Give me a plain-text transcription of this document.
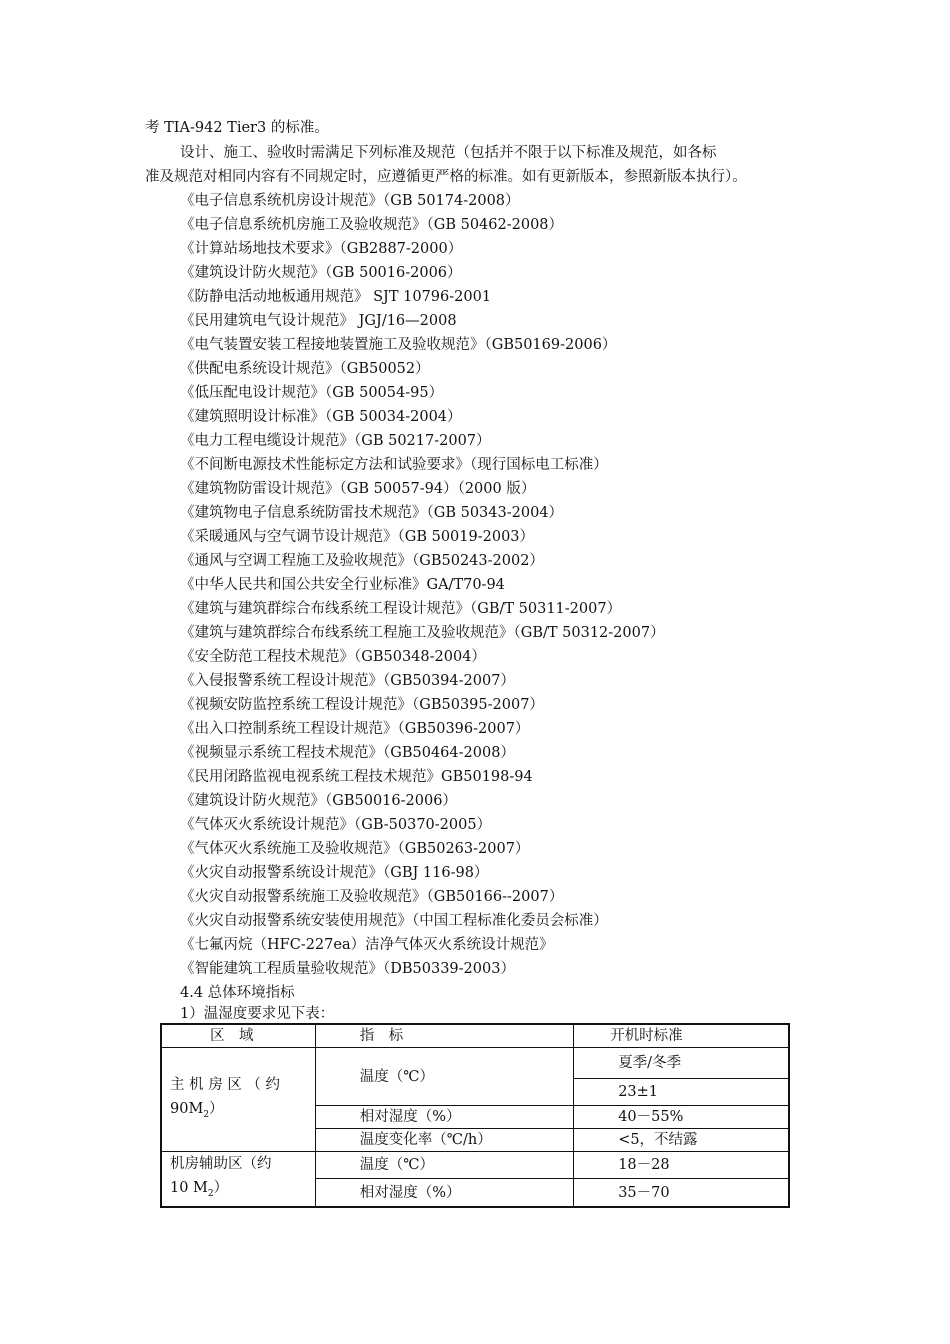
考 TIA-942 Tier3 的标准。
设计、施工、验收时需满足下列标准及规范（包括并不限于以下标准及规范，如各标
准及规范对相同内容有不同规定时，应遵循更严格的标准。如有更新版本，参照新版本执行）。
《电子信息系统机房设计规范》（GB 50174-2008）
《电子信息系统机房施工及验收规范》（GB 50462-2008）
《计算站场地技术要求》（GB2887-2000）
《建筑设计防火规范》（GB 50016-2006）
《防静电活动地板通用规范》 SJT 10796-2001
《民用建筑电气设计规范》 JGJ/16—2008
《电气装置安装工程接地装置施工及验收规范》（GB50169-2006）
《供配电系统设计规范》（GB50052）
《低压配电设计规范》（GB 50054-95）
《建筑照明设计标准》（GB 50034-2004）
《电力工程电缆设计规范》（GB 50217-2007）
《不间断电源技术性能标定方法和试验要求》（现行国标电工标准）
《建筑物防雷设计规范》（GB 50057-94）（2000 版）
《建筑物电子信息系统防雷技术规范》（GB 50343-2004）
《采暖通风与空气调节设计规范》（GB 50019-2003）
《通风与空调工程施工及验收规范》（GB50243-2002）
《中华人民共和国公共安全行业标准》GA/T70-94
《建筑与建筑群综合布线系统工程设计规范》（GB/T 50311-2007）
《建筑与建筑群综合布线系统工程施工及验收规范》（GB/T 50312-2007）
《安全防范工程技术规范》（GB50348-2004）
《入侵报警系统工程设计规范》（GB50394-2007）
《视频安防监控系统工程设计规范》（GB50395-2007）
《出入口控制系统工程设计规范》（GB50396-2007）
《视频显示系统工程技术规范》（GB50464-2008）
《民用闭路监视电视系统工程技术规范》GB50198-94
《建筑设计防火规范》（GB50016-2006）
《气体灭火系统设计规范》（GB-50370-2005）
《气体灭火系统施工及验收规范》（GB50263-2007）
《火灾自动报警系统设计规范》（GBJ 116-98）
《火灾自动报警系统施工及验收规范》（GB50166--2007）
《火灾自动报警系统安装使用规范》（中国工程标准化委员会标准）
《七氟丙烷（HFC-227ea）洁净气体灭火系统设计规范》
《智能建筑工程质量验收规范》（DB50339-2003）
4.4 总体环境指标
1）温湿度要求见下表：
区　域	指　标	开机时标准
主 机 房 区 （ 约
$90M_2$）	温度（℃）	夏季/冬季
		23±1
	相对湿度（%）	40－55%
	温度变化率（℃/h）	<5，不结露
机房辅助区（约
10 $M_2$）	温度（℃）	18－28
	相对湿度（%）	35－70
